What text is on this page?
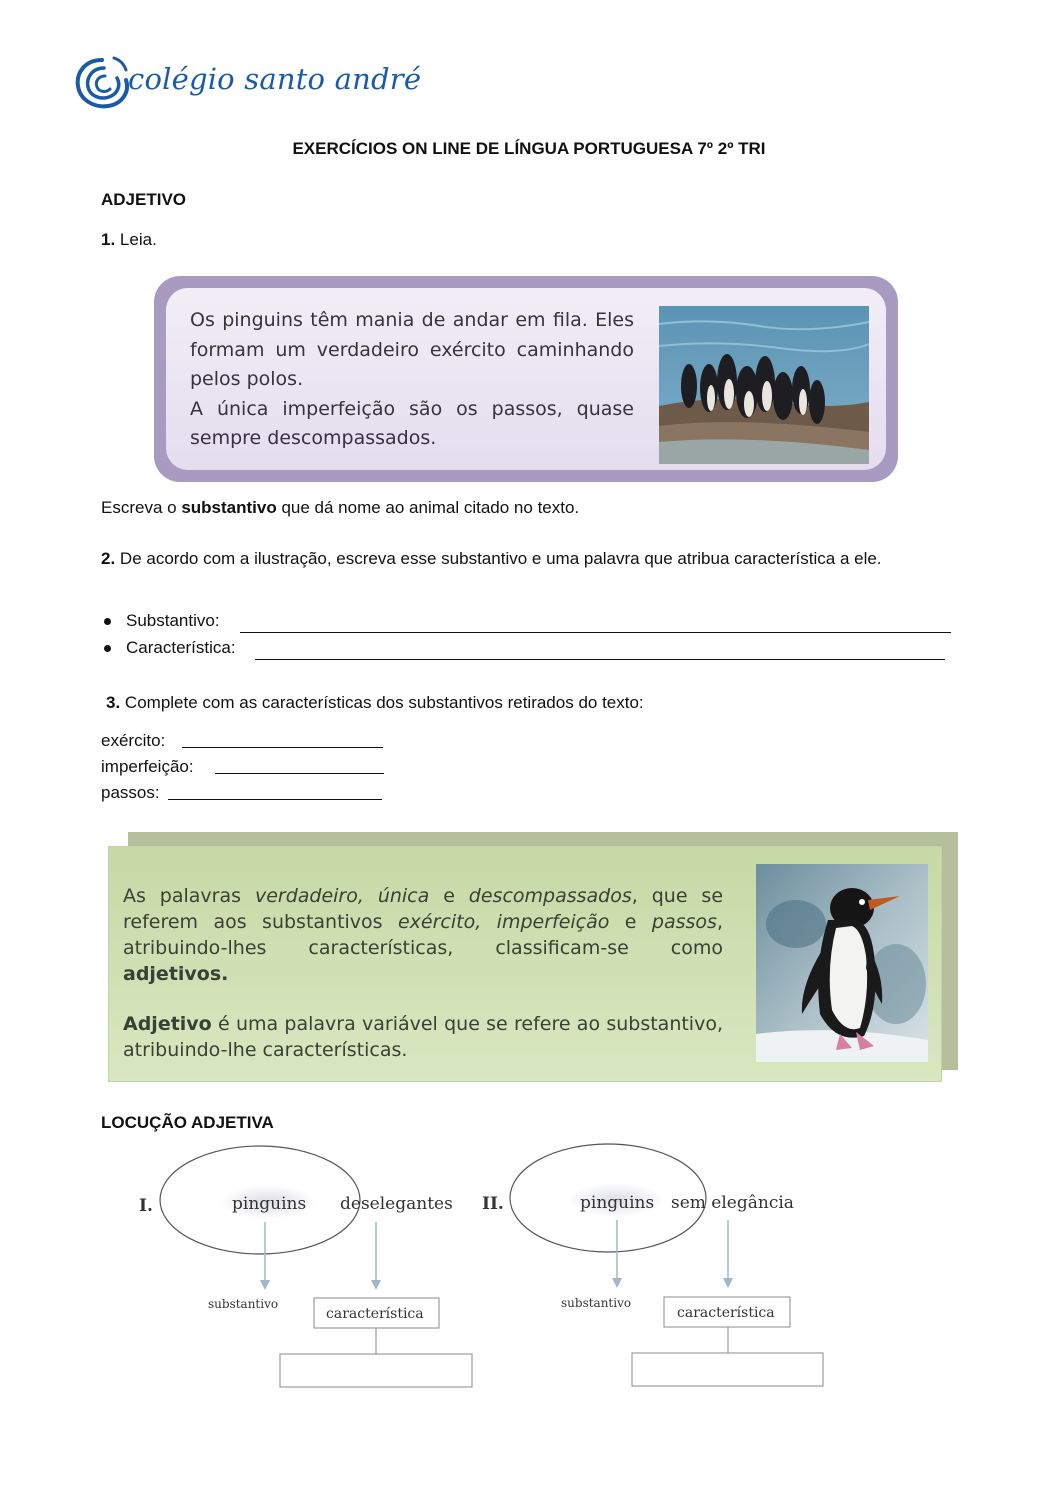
colégio santo andré
EXERCÍCIOS ON LINE DE LÍNGUA PORTUGUESA 7º 2º TRI
ADJETIVO
1. Leia.
Os pinguins têm mania de andar em fila. Eles formam um verdadeiro exército caminhando pelos polos.
A única imperfeição são os passos, quase sempre descompassados.
Escreva o substantivo que dá nome ao animal citado no texto.
2. De acordo com a ilustração, escreva esse substantivo e uma palavra que atribua característica a ele.
Substantivo:
Característica:
3. Complete com as características dos substantivos retirados do texto:
exército:
imperfeição:
passos:
As palavras verdadeiro, única e descompassados, que se referem aos substantivos exército, imperfeição e passos, atribuindo-lhes características, classificam-se como adjetivos.
Adjetivo é uma palavra variável que se refere ao substantivo, atribuindo-lhe características.
LOCUÇÃO ADJETIVA
I.	pinguins deselegantes
substantivo
característica
II.	pinguins sem elegância
substantivo
característica
